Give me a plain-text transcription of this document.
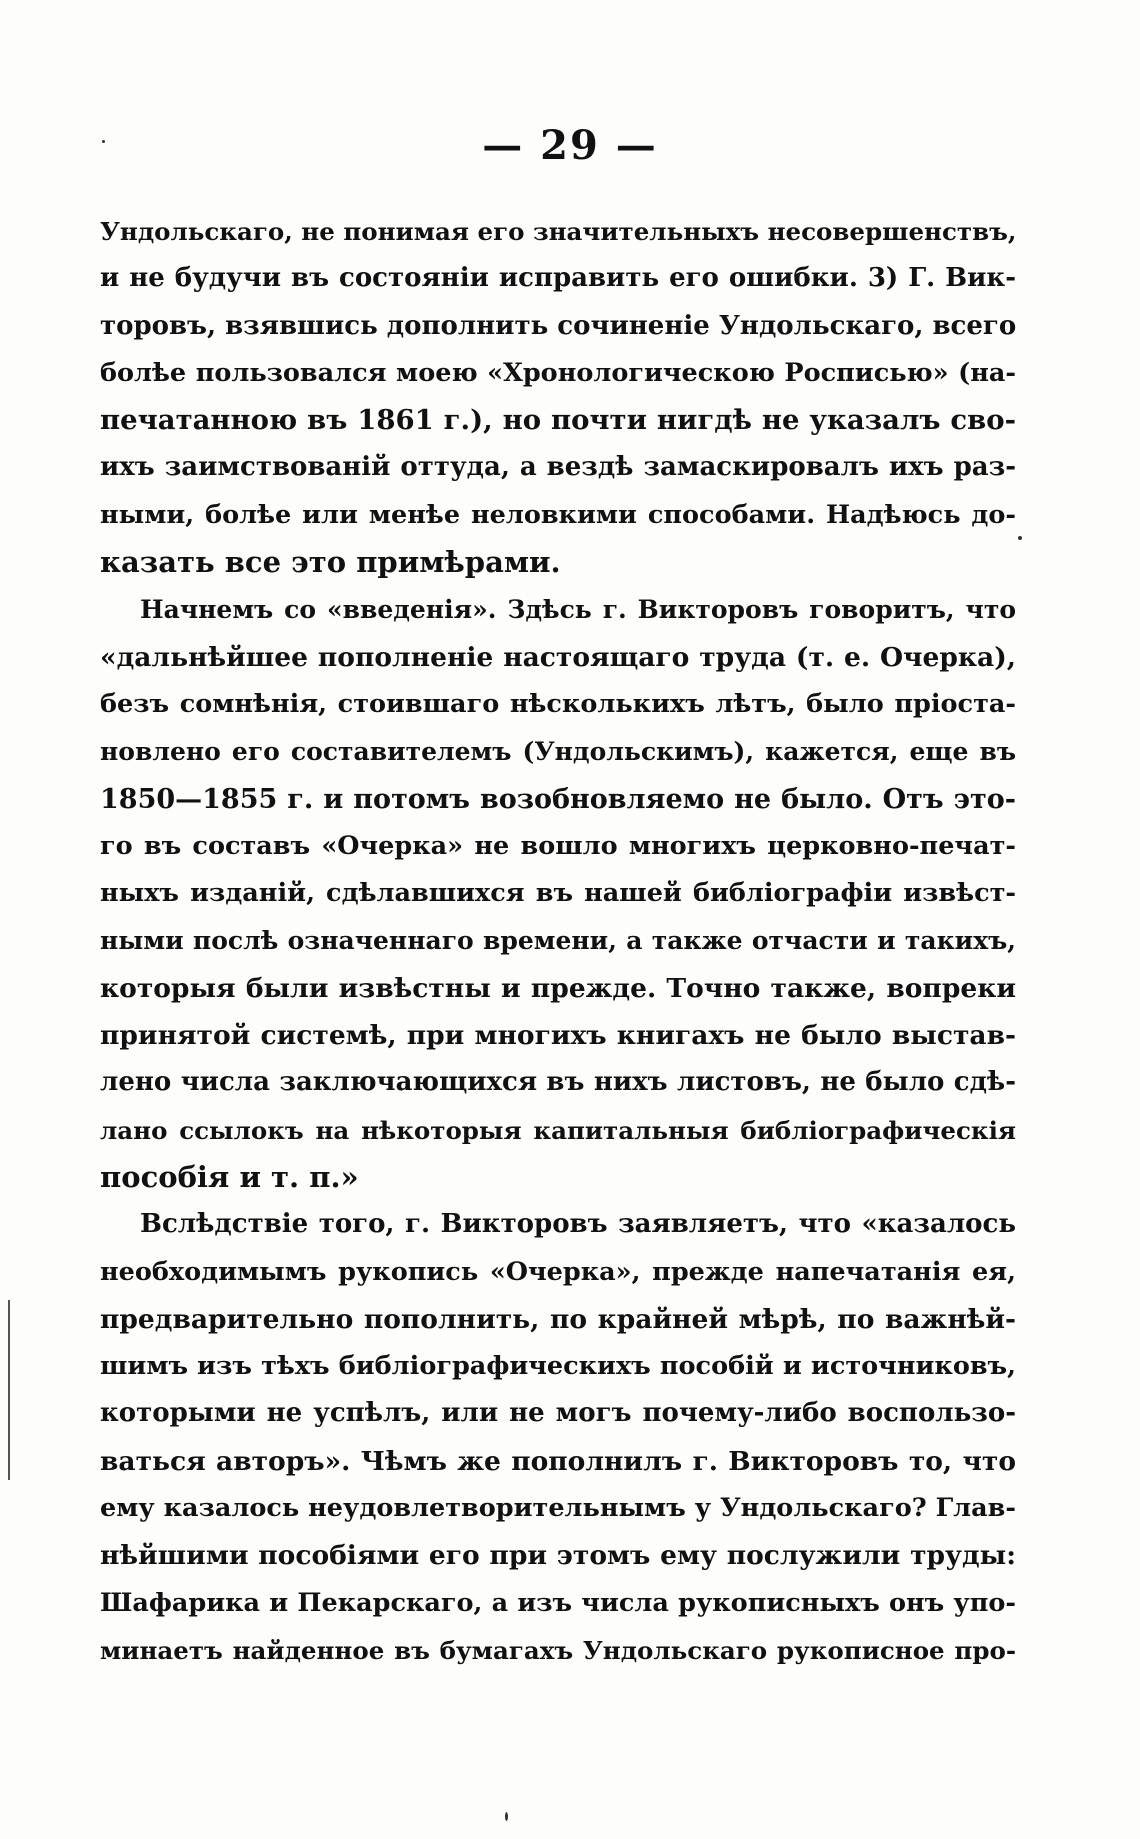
— 29 —
Ундольскаго, не понимая его значительныхъ несовершенствъ,
и не будучи въ состояніи исправить его ошибки. 3) Г. Вик-
торовъ, взявшись дополнить сочиненіе Ундольскаго, всего
болѣе пользовался моею «Хронологическою Росписью» (на-
печатанною въ 1861 г.), но почти нигдѣ не указалъ сво-
ихъ заимствованій оттуда, а вездѣ замаскировалъ ихъ раз-
ными, болѣе или менѣе неловкими способами. Надѣюсь до-
казать все это примѣрами.
Начнемъ со «введенія». Здѣсь г. Викторовъ говоритъ, что
«дальнѣйшее пополненіе настоящаго труда (т. е. Очерка),
безъ сомнѣнія, стоившаго нѣсколькихъ лѣтъ, было пріоста-
новлено его составителемъ (Ундольскимъ), кажется, еще въ
1850—1855 г. и потомъ возобновляемо не было. Отъ это-
го въ составъ «Очерка» не вошло многихъ церковно-печат-
ныхъ изданій, сдѣлавшихся въ нашей библіографіи извѣст-
ными послѣ означеннаго времени, а также отчасти и такихъ,
которыя были извѣстны и прежде. Точно также, вопреки
принятой системѣ, при многихъ книгахъ не было выстав-
лено числа заключающихся въ нихъ листовъ, не было сдѣ-
лано ссылокъ на нѣкоторыя капитальныя библіографическія
пособія и т. п.»
Вслѣдствіе того, г. Викторовъ заявляетъ, что «казалось
необходимымъ рукопись «Очерка», прежде напечатанія ея,
предварительно пополнить, по крайней мѣрѣ, по важнѣй-
шимъ изъ тѣхъ библіографическихъ пособій и источниковъ,
которыми не успѣлъ, или не могъ почему-либо воспользо-
ваться авторъ». Чѣмъ же пополнилъ г. Викторовъ то, что
ему казалось неудовлетворительнымъ у Ундольскаго? Глав-
нѣйшими пособіями его при этомъ ему послужили труды:
Шафарика и Пекарскаго, а изъ числа рукописныхъ онъ упо-
минаетъ найденное въ бумагахъ Ундольскаго рукописное про-
